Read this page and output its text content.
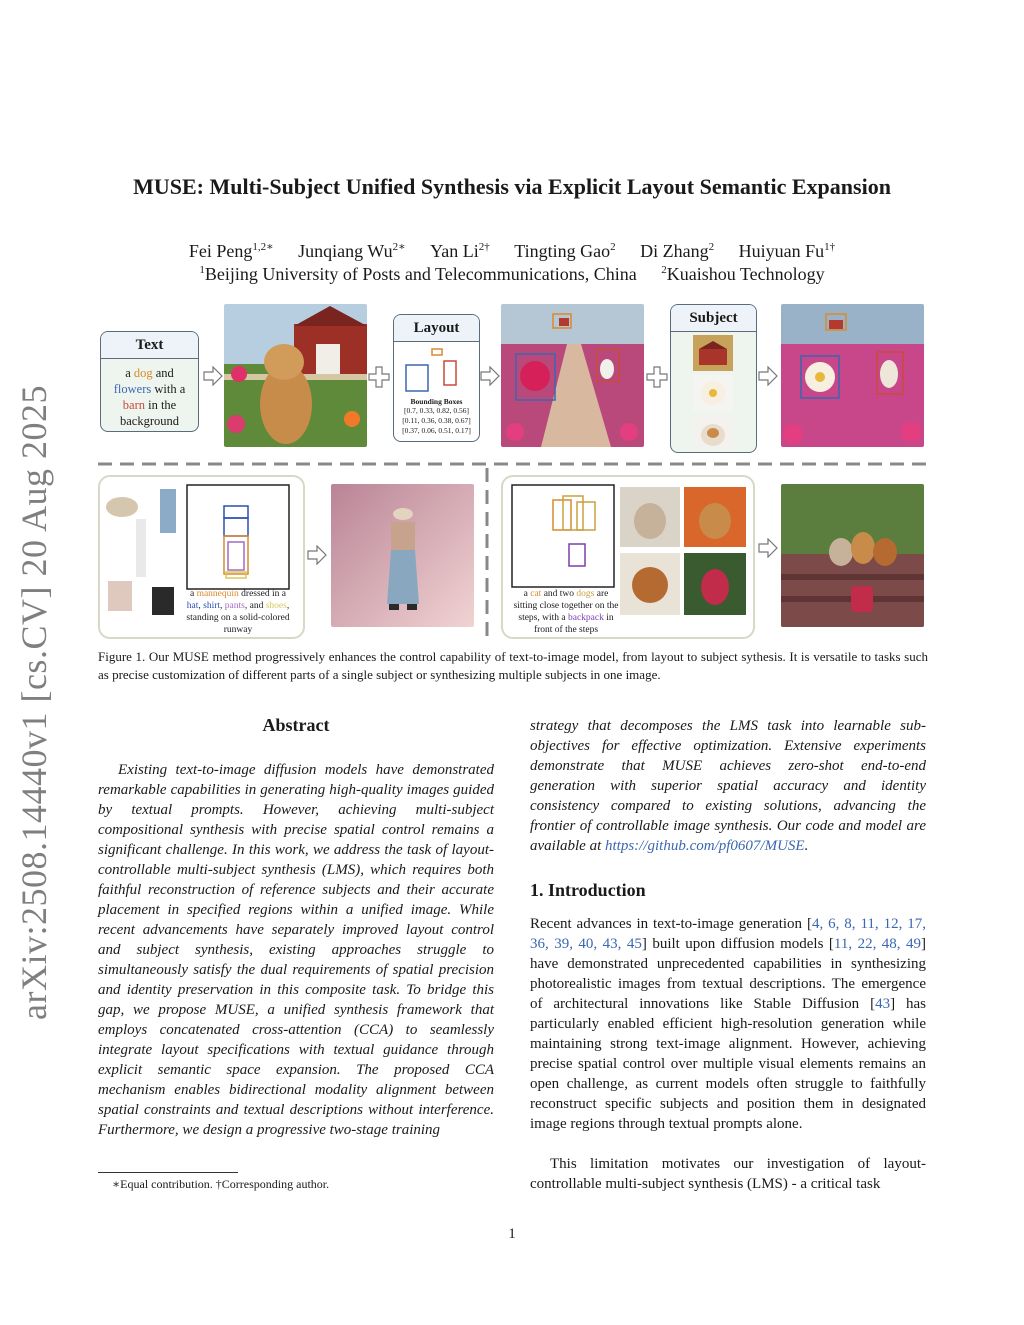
arXiv:2508.14440v1 [cs.CV] 20 Aug 2025
MUSE: Multi-Subject Unified Synthesis via Explicit Layout Semantic Expansion
Fei Peng$^{1,2∗}$ Junqiang $Wu^{2∗}$ Yan $Li^{2\dagger}$ Tingting Gao$^2$ Di Zhang$^2$ Huiyuan $Fu^{1\dagger}$
$^1$Beijing University of Posts and Telecommunications, China $^2$Kuaishou Technology
Text
a dog and flowers with a barn in the background
Layout
Bounding Boxes
[0.7, 0.33, 0.82, 0.56]
[0.11, 0.36, 0.38, 0.67]
[0.37, 0.06, 0.51, 0.17]
Subject
a mannequin dressed in a hat, shirt, pants, and shoes, standing on a solid-colored runway
a cat and two dogs are sitting close together on the steps, with a backpack in front of the steps
Figure 1. Our MUSE method progressively enhances the control capability of text-to-image model, from layout to subject sythesis. It is versatile to tasks such as precise customization of different parts of a single subject or synthesizing multiple subjects in one image.
Abstract
Existing text-to-image diffusion models have demonstrated remarkable capabilities in generating high-quality images guided by textual prompts. However, achieving multi-subject compositional synthesis with precise spatial control remains a significant challenge. In this work, we address the task of layout-controllable multi-subject synthesis (LMS), which requires both faithful reconstruction of reference subjects and their accurate placement in specified regions within a unified image. While recent advancements have separately improved layout control and subject synthesis, existing approaches struggle to simultaneously satisfy the dual requirements of spatial precision and identity preservation in this composite task. To bridge this gap, we propose MUSE, a unified synthesis framework that employs concatenated cross-attention (CCA) to seamlessly integrate layout specifications with textual guidance through explicit semantic space expansion. The proposed CCA mechanism enables bidirectional modality alignment between spatial constraints and textual descriptions without interference. Furthermore, we design a progressive two-stage training
strategy that decomposes the LMS task into learnable sub-objectives for effective optimization. Extensive experiments demonstrate that MUSE achieves zero-shot end-to-end generation with superior spatial accuracy and identity consistency compared to existing solutions, advancing the frontier of controllable image synthesis. Our code and model are available at https://github.com/pf0607/MUSE.
1. Introduction
Recent advances in text-to-image generation [4, 6, 8, 11, 12, 17, 36, 39, 40, 43, 45] built upon diffusion models [11, 22, 48, 49] have demonstrated unprecedented capabilities in synthesizing photorealistic images from textual descriptions. The emergence of architectural innovations like Stable Diffusion [43] has particularly enabled efficient high-resolution generation while maintaining strong text-image alignment. However, achieving precise spatial control over multiple visual elements remains an open challenge, as current models often struggle to faithfully reconstruct specific subjects and position them in designated image regions through textual prompts alone.
This limitation motivates our investigation of layout-controllable multi-subject synthesis (LMS) - a critical task
∗Equal contribution. †Corresponding author.
1
